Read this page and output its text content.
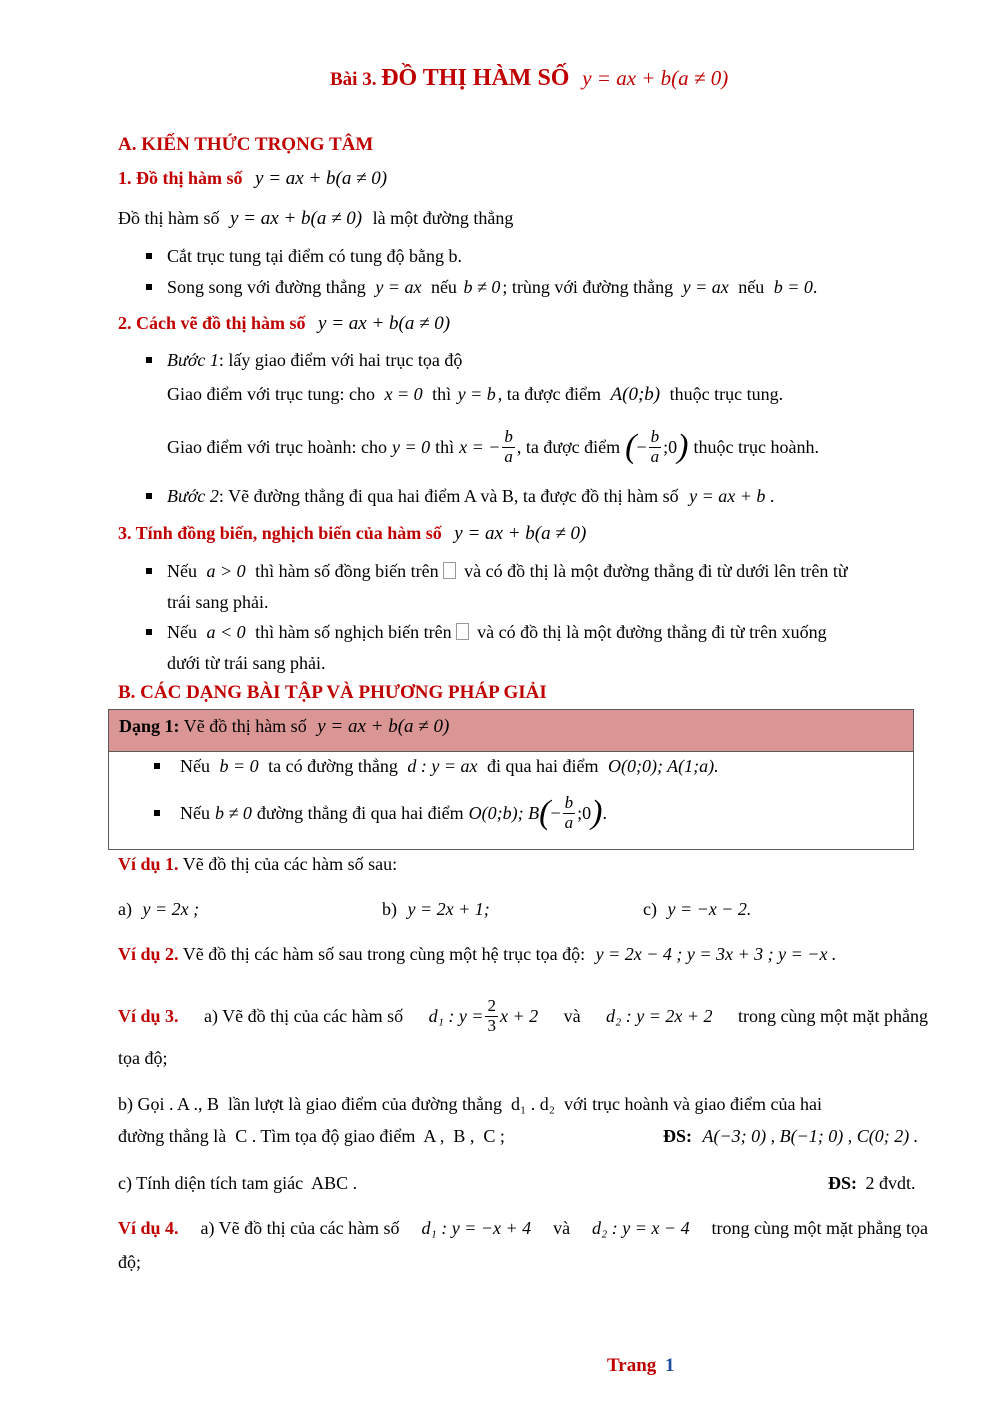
Bài 3. ĐỒ THỊ HÀM SỐ y = ax + b(a ≠ 0)
A. KIẾN THỨC TRỌNG TÂM
1. Đồ thị hàm số y = ax + b(a ≠ 0)
Đồ thị hàm số y = ax + b(a ≠ 0) là một đường thẳng
Cắt trục tung tại điểm có tung độ bằng b.
Song song với đường thẳng y = ax nếu b ≠ 0 ; trùng với đường thẳng y = ax nếu b = 0.
2. Cách vẽ đồ thị hàm số y = ax + b(a ≠ 0)
Bước 1: lấy giao điểm với hai trục tọa độ
Giao điểm với trục tung: cho x = 0 thì y = b , ta được điểm A(0;b) thuộc trục tung.
Giao điểm với trục hoành: cho y = 0 thì x = − $\frac{b}{a}$ , ta được điểm ( − $\frac{b}{a}$ ;0 ) thuộc trục hoành.
Bước 2: Vẽ đường thẳng đi qua hai điểm A và B, ta được đồ thị hàm số y = ax + b .
3. Tính đồng biến, nghịch biến của hàm số y = ax + b(a ≠ 0)
Nếu a > 0 thì hàm số đồng biến trên và có đồ thị là một đường thẳng đi từ dưới lên trên từ
trái sang phải.
Nếu a < 0 thì hàm số nghịch biến trên và có đồ thị là một đường thẳng đi từ trên xuống
dưới từ trái sang phải.
B. CÁC DẠNG BÀI TẬP VÀ PHƯƠNG PHÁP GIẢI
Dạng 1: Vẽ đồ thị hàm số y = ax + b(a ≠ 0)
Nếu b = 0 ta có đường thẳng d : y = ax đi qua hai điểm O(0;0); A(1;a).
Nếu b ≠ 0 đường thẳng đi qua hai điểm O(0;b); B ( − $\frac{b}{a}$ ;0 ) .
Ví dụ 1. Vẽ đồ thị của các hàm số sau:
a) y = 2x ;	b) y = 2x + 1;	c) y = −x − 2.
Ví dụ 2. Vẽ đồ thị các hàm số sau trong cùng một hệ trục tọa độ: y = 2x − 4 ; y = 3x + 3 ; y = −x .
Ví dụ 3. a) Vẽ đồ thị của các hàm số d₁ : $y = \frac{2}{3}$ x + 2 và d₂ : y = 2x + 2 trong cùng một mặt phẳng
tọa độ;
b) Gọi . A ., B  lần lượt là giao điểm của đường thẳng  d₁ . d₂  với trục hoành và giao điểm của hai
đường thẳng là  C . Tìm tọa độ giao điểm  A ,  B ,  C ;	ĐS: A(−3; 0) , B(−1; 0) , C(0; 2) .
c) Tính diện tích tam giác  ABC .	ĐS: 2 đvdt.
Ví dụ 4. a) Vẽ đồ thị của các hàm số d₁ : y = −x + 4 và d₂ : y = x − 4 trong cùng một mặt phẳng tọa
độ;
Trang 1
